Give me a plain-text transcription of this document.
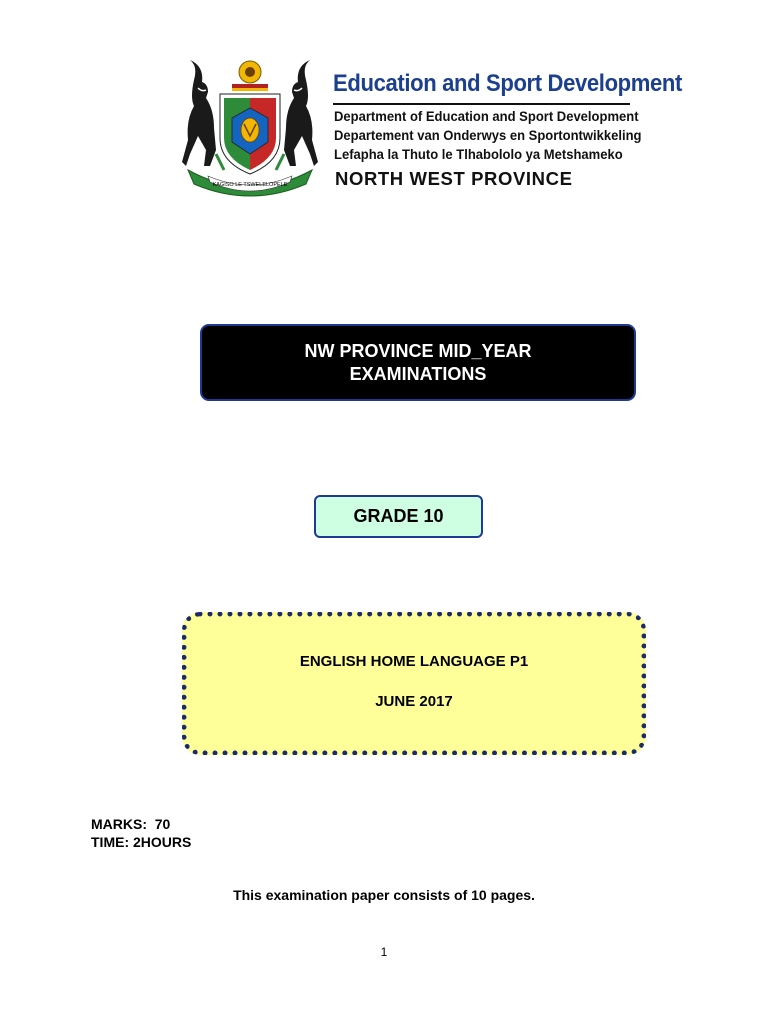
KAGISO LE TSWELELOPELE
Education and Sport Development
Department of Education and Sport Development
Departement van Onderwys en Sportontwikkeling
Lefapha la Thuto le Tlhabololo ya Metshameko
NORTH WEST PROVINCE
NW PROVINCE MID_YEAR
EXAMINATIONS
GRADE 10
ENGLISH HOME LANGUAGE P1
JUNE 2017
MARKS:  70
TIME: 2HOURS
This examination paper consists of 10 pages.
1
